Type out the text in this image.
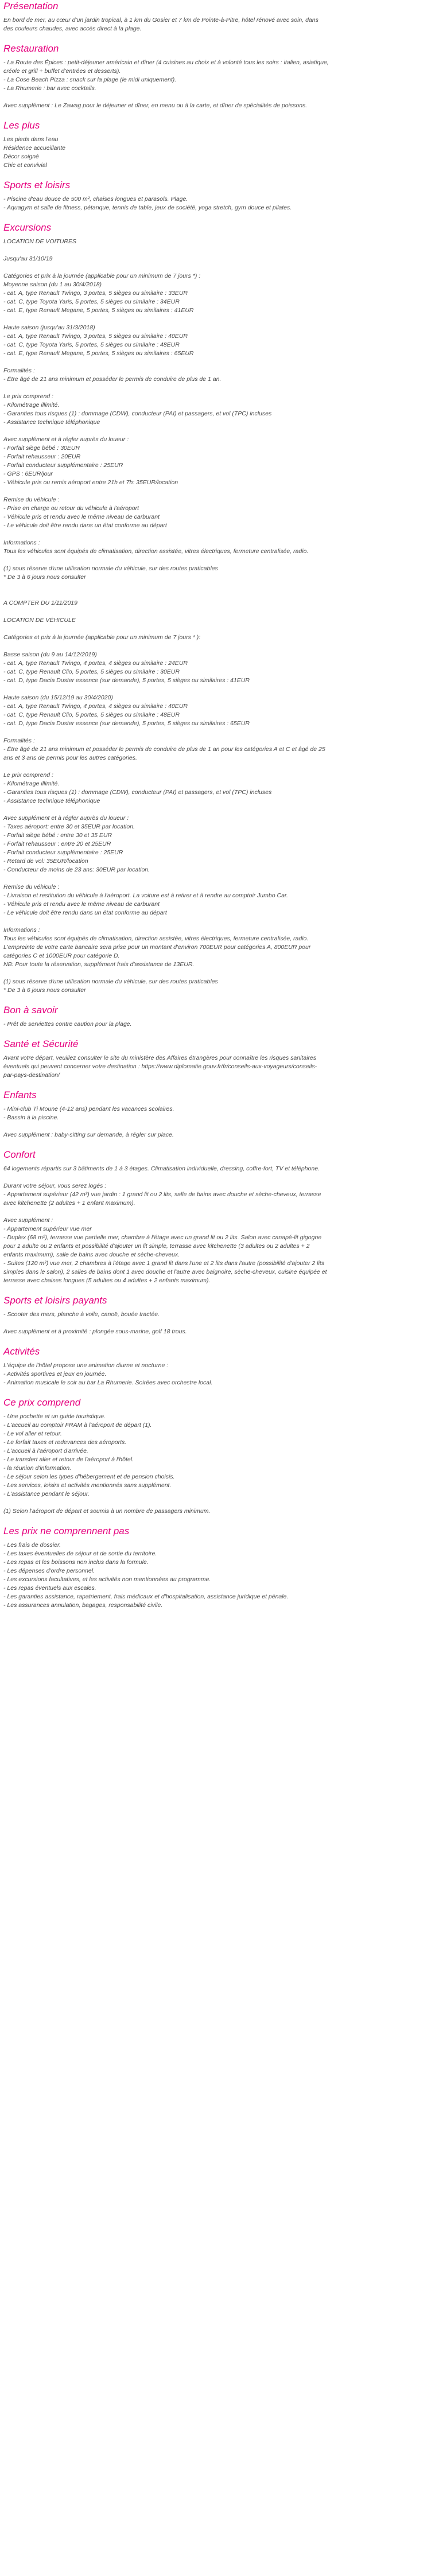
Présentation

En bord de mer, au cœur d'un jardin tropical, à 1 km du Gosier et 7 km de Pointe-à-Pitre, hôtel rénové avec soin, dans

des couleurs chaudes, avec accès direct à la plage.

Restauration

- La Route des Épices : petit-déjeuner américain et dîner (4 cuisines au choix et à volonté tous les soirs : italien, asiatique,

créole et grill + buffet d'entrées et desserts).

- La Cose Beach Pizza : snack sur la plage (le midi uniquement).

- La Rhumerie : bar avec cocktails.

Avec supplément : Le Zawag pour le déjeuner et dîner, en menu ou à la carte, et dîner de spécialités de poissons.

Les plus

Les pieds dans l'eau

Résidence accueillante

Décor soigné

Chic et convivial

Sports et loisirs

- Piscine d'eau douce de 500 m², chaises longues et parasols. Plage.

- Aquagym et salle de fitness, pétanque, tennis de table, jeux de société, yoga stretch, gym douce et pilates.

Excursions

LOCATION DE VOITURES

Jusqu'au 31/10/19

Catégories et prix à la journée (applicable pour un minimum de 7 jours *) :

Moyenne saison (du 1 au 30/4/2018)

- cat. A, type Renault Twingo, 3 portes, 5 sièges ou similaire : 33EUR

- cat. C, type Toyota Yaris, 5 portes, 5 sièges ou similaire : 34EUR

- cat. E, type Renault Megane, 5 portes, 5 sièges ou similaires : 41EUR

Haute saison (jusqu'au 31/3/2018)

- cat. A, type Renault Twingo, 3 portes, 5 sièges ou similaire : 40EUR

- cat. C, type Toyota Yaris, 5 portes, 5 sièges ou similaire : 48EUR

- cat. E, type Renault Megane, 5 portes, 5 sièges ou similaires : 65EUR

Formalités :

- Être âgé de 21 ans minimum et posséder le permis de conduire de plus de 1 an.

Le prix comprend :

- Kilométrage illimité.

- Garanties tous risques (1) : dommage (CDW), conducteur (PAI) et passagers, et vol (TPC) incluses

- Assistance technique téléphonique

Avec supplément et à régler auprès du loueur :

- Forfait siège bébé : 30EUR

- Forfait rehausseur : 20EUR

- Forfait conducteur supplémentaire : 25EUR

- GPS : 6EUR/jour

- Véhicule pris ou remis aéroport entre 21h et 7h: 35EUR/location

Remise du véhicule :

- Prise en charge ou retour du véhicule à l'aéroport

- Véhicule pris et rendu avec le même niveau de carburant

- Le véhicule doit être rendu dans un état conforme au départ

Informations :

Tous les véhicules sont équipés de climatisation, direction assistée, vitres électriques, fermeture centralisée, radio.

(1) sous réserve d'une utilisation normale du véhicule, sur des routes praticables

* De 3 à 6 jours nous consulter

A COMPTER DU 1/11/2019

LOCATION DE VÉHICULE

Catégories et prix à la journée (applicable pour un minimum de 7 jours * ):

Basse saison (du 9 au 14/12/2019)

- cat. A, type Renault Twingo, 4 portes, 4 sièges ou similaire : 24EUR

- cat. C, type Renault Clio, 5 portes, 5 sièges ou similaire : 30EUR

- cat. D, type Dacia Duster essence (sur demande), 5 portes, 5 sièges ou similaires : 41EUR

Haute saison (du 15/12/19 au 30/4/2020)

- cat. A, type Renault Twingo, 4 portes, 4 sièges ou similaire : 40EUR

- cat. C, type Renault Clio, 5 portes, 5 sièges ou similaire : 48EUR

- cat. D, type Dacia Duster essence (sur demande), 5 portes, 5 sièges ou similaires : 65EUR

Formalités :

- Être âgé de 21 ans minimum et posséder le permis de conduire de plus de 1 an pour les catégories A et C et âgé de 25

ans et 3 ans de permis pour les autres catégories.

Le prix comprend :

- Kilométrage illimité.

- Garanties tous risques (1) : dommage (CDW), conducteur (PAI) et passagers, et vol (TPC) incluses

- Assistance technique téléphonique

Avec supplément et à régler auprès du loueur :

- Taxes aéroport: entre 30 et 35EUR par location.

- Forfait siège bébé : entre 30 et 35 EUR

- Forfait rehausseur : entre 20 et 25EUR

- Forfait conducteur supplémentaire : 25EUR

- Retard de vol: 35EUR/location

- Conducteur de moins de 23 ans: 30EUR par location.

Remise du véhicule :

- Livraison et restitution du véhicule à l'aéroport. La voiture est à retirer et à rendre au comptoir Jumbo Car.

- Véhicule pris et rendu avec le même niveau de carburant

- Le véhicule doit être rendu dans un état conforme au départ

Informations :

Tous les véhicules sont équipés de climatisation, direction assistée, vitres électriques, fermeture centralisée, radio.

L'empreinte de votre carte bancaire sera prise pour un montant d'environ 700EUR pour catégories A, 800EUR pour

catégories C et 1000EUR pour catégorie D.

NB: Pour toute la réservation, supplément frais d'assistance de 13EUR.

(1) sous réserve d'une utilisation normale du véhicule, sur des routes praticables

* De 3 à 6 jours nous consulter

Bon à savoir

- Prêt de serviettes contre caution pour la plage.

Santé et Sécurité

Avant votre départ, veuillez consulter le site du ministère des Affaires étrangères pour connaître les risques sanitaires

éventuels qui peuvent concerner votre destination : https://www.diplomatie.gouv.fr/fr/conseils-aux-voyageurs/conseils-

par-pays-destination/

Enfants

- Mini-club Ti Moune (4-12 ans) pendant les vacances scolaires.

- Bassin à la piscine.

Avec supplément : baby-sitting sur demande, à régler sur place.

Confort

64 logements répartis sur 3 bâtiments de 1 à 3 étages. Climatisation individuelle, dressing, coffre-fort, TV et téléphone.

Durant votre séjour, vous serez logés :

- Appartement supérieur (42 m²) vue jardin : 1 grand lit ou 2 lits, salle de bains avec douche et sèche-cheveux, terrasse

avec kitchenette (2 adultes + 1 enfant maximum).

Avec supplément :

- Appartement supérieur vue mer

- Duplex (68 m²), terrasse vue partielle mer, chambre à l'étage avec un grand lit ou 2 lits. Salon avec canapé-lit gigogne

pour 1 adulte ou 2 enfants et possibilité d'ajouter un lit simple, terrasse avec kitchenette (3 adultes ou 2 adultes + 2

enfants maximum), salle de bains avec douche et sèche-cheveux.

- Suites (120 m²) vue mer, 2 chambres à l'étage avec 1 grand lit dans l'une et 2 lits dans l'autre (possibilité d'ajouter 2 lits

simples dans le salon), 2 salles de bains dont 1 avec douche et l'autre avec baignoire, sèche-cheveux, cuisine équipée et

terrasse avec chaises longues (5 adultes ou 4 adultes + 2 enfants maximum).

Sports et loisirs payants

- Scooter des mers, planche à voile, canoë, bouée tractée.

Avec supplément et à proximité : plongée sous-marine, golf 18 trous.

Activités

L'équipe de l'hôtel propose une animation diurne et nocturne :

- Activités sportives et jeux en journée.

- Animation musicale le soir au bar La Rhumerie. Soirées avec orchestre local.

Ce prix comprend

- Une pochette et un guide touristique.

- L'accueil au comptoir FRAM à l'aéroport de départ (1).

- Le vol aller et retour.

- Le forfait taxes et redevances des aéroports.

- L'accueil à l'aéroport d'arrivée.

- Le transfert aller et retour de l'aéroport à l'hôtel.

- la réunion d'information.

- Le séjour selon les types d'hébergement et de pension choisis.

- Les services, loisirs et activités mentionnés sans supplément.

- L'assistance pendant le séjour.

(1) Selon l'aéroport de départ et soumis à un nombre de passagers minimum.

Les prix ne comprennent pas

- Les frais de dossier.

- Les taxes éventuelles de séjour et de sortie du territoire.

- Les repas et les boissons non inclus dans la formule.

- Les dépenses d'ordre personnel.

- Les excursions facultatives, et les activités non mentionnées au programme.

- Les repas éventuels aux escales.

- Les garanties assistance, rapatriement, frais médicaux et d'hospitalisation, assistance juridique et pénale.

- Les assurances annulation, bagages, responsabilité civile.
